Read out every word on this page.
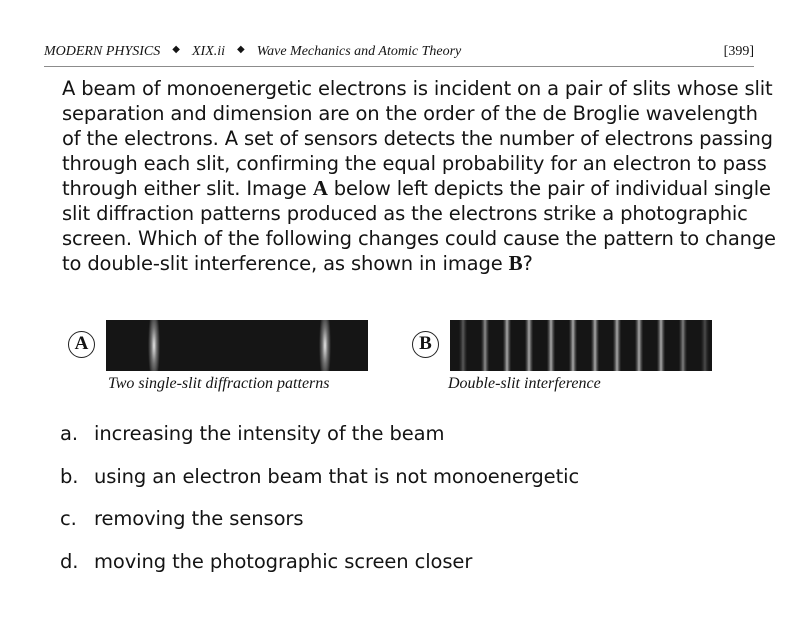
MODERN PHYSICS ◆ XIX.ii ◆ Wave Mechanics and Atomic Theory	[399]
A beam of monoenergetic electrons is incident on a pair of slits whose slit
separation and dimension are on the order of the de Broglie wavelength
of the electrons. A set of sensors detects the number of electrons passing
through each slit, confirming the equal probability for an electron to pass
through either slit. Image A below left depicts the pair of individual single
slit diffraction patterns produced as the electrons strike a photographic
screen. Which of the following changes could cause the pattern to change
to double-slit interference, as shown in image B?
A
Two single-slit diffraction patterns
B
Double-slit interference
a. increasing the intensity of the beam
b. using an electron beam that is not monoenergetic
c. removing the sensors
d. moving the photographic screen closer
